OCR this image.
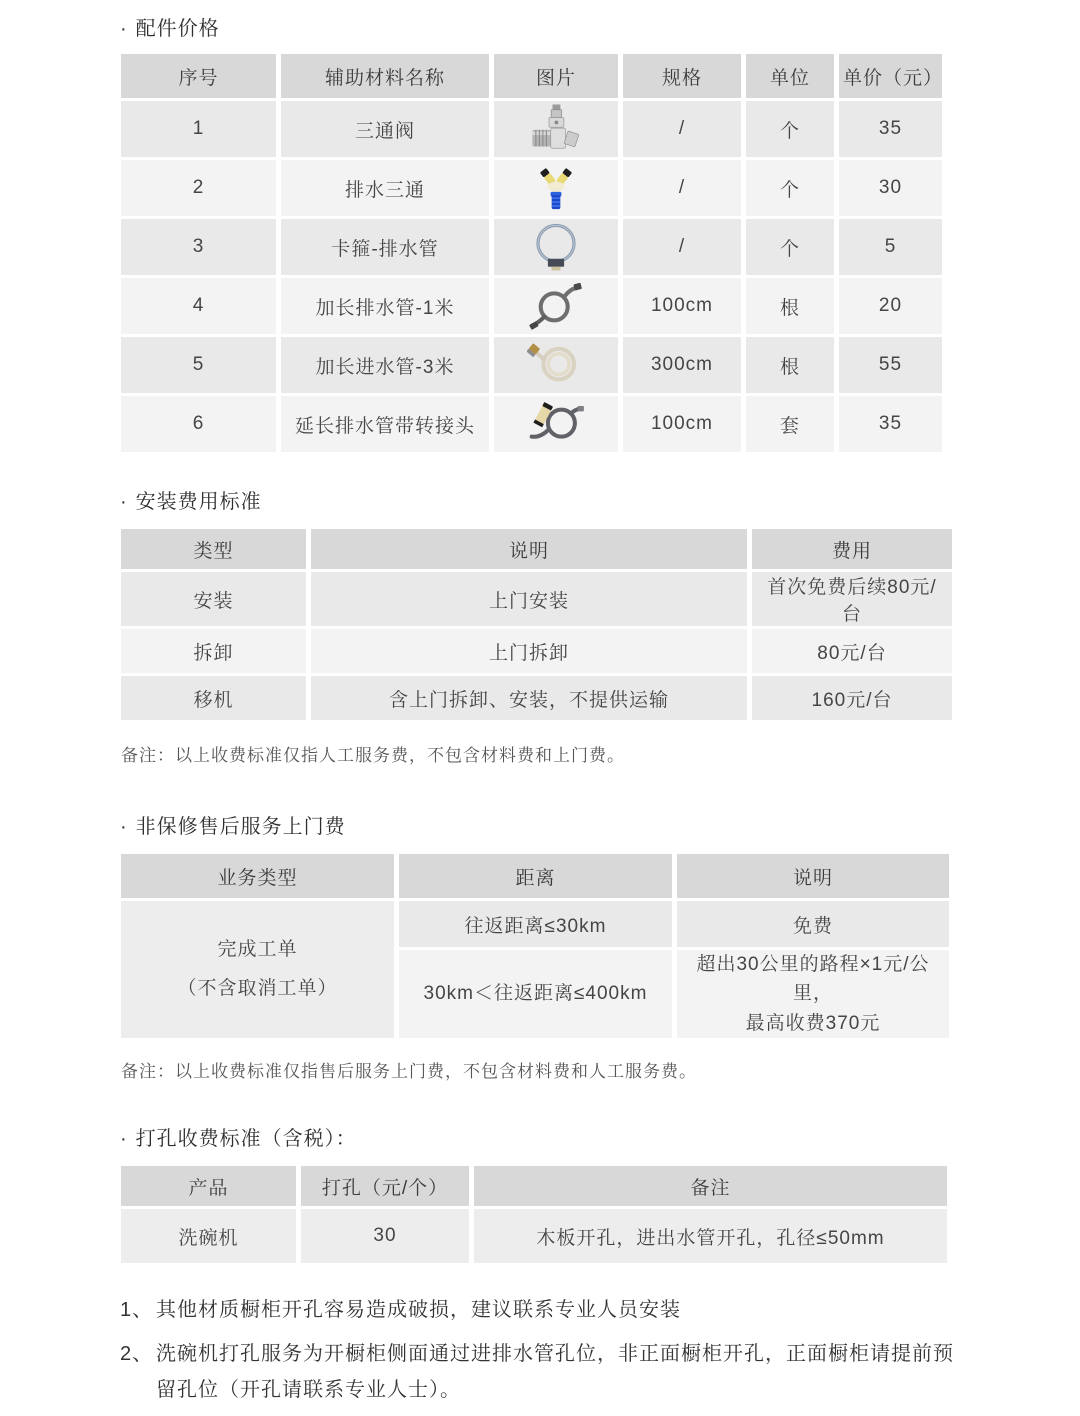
· 配件价格
序号	辅助材料名称	图片	规格	单位	单价（元）
1	三通阀		/	个	35
2	排水三通		/	个	30
3	卡箍-排水管		/	个	5
4	加长排水管-1米		100cm	根	20
5	加长进水管-3米		300cm	根	55
6	延长排水管带转接头		100cm	套	35
· 安装费用标准
类型	说明	费用
安装	上门安装	首次免费后续80元/台
拆卸	上门拆卸	80元/台
移机	含上门拆卸、安装，不提供运输	160元/台
备注：以上收费标准仅指人工服务费，不包含材料费和上门费。
· 非保修售后服务上门费
业务类型	距离	说明

完成工单
（不含取消工单）	往返距离≤30km	免费
	30km＜往返距离≤400km	超出30公里的路程×1元/公里，
最高收费370元
备注：以上收费标准仅指售后服务上门费，不包含材料费和人工服务费。
· 打孔收费标准（含税）：
产品	打孔（元/个）	备注
洗碗机	30	木板开孔，进出水管开孔，孔径≤50mm
1、 其他材质橱柜开孔容易造成破损，建议联系专业人员安装
2、 洗碗机打孔服务为开橱柜侧面通过进排水管孔位，非正面橱柜开孔，正面橱柜请提前预留孔位（开孔请联系专业人士）。
